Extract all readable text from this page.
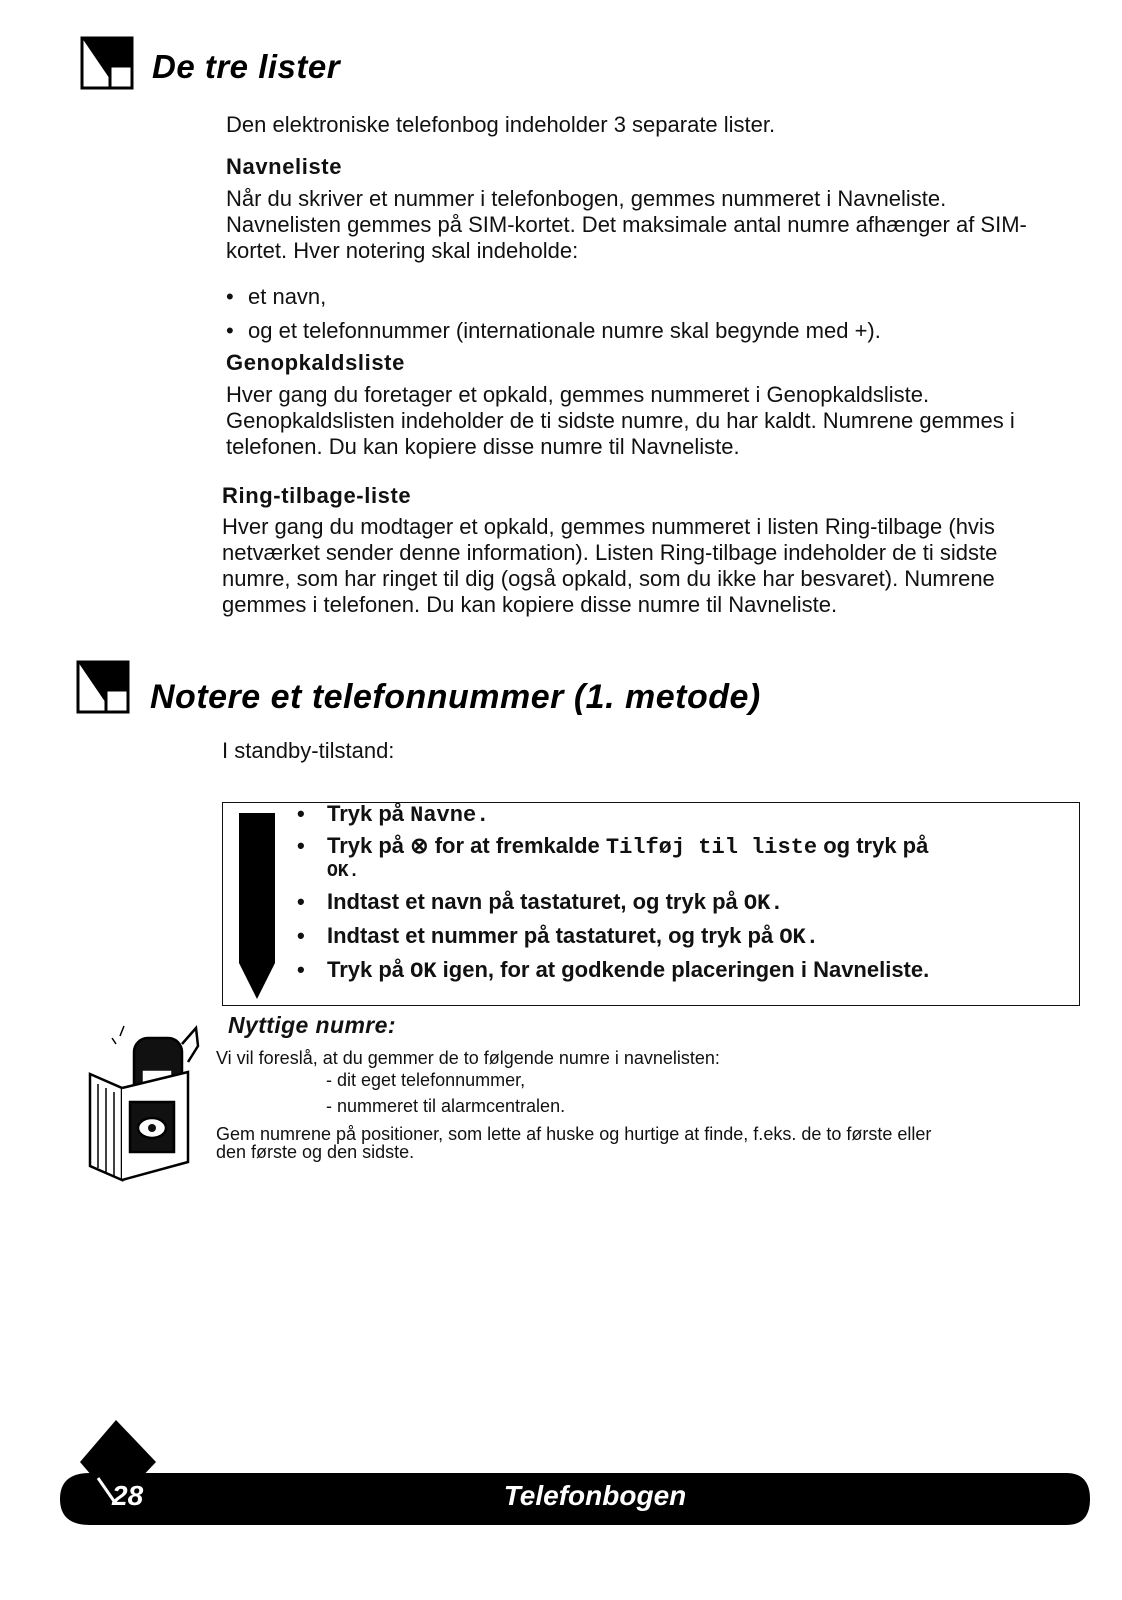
De tre lister
Den elektroniske telefonbog indeholder 3 separate lister.
Navneliste
Når du skriver et nummer i telefonbogen, gemmes nummeret i Navneliste. Navnelisten gemmes på SIM-kortet. Det maksimale antal numre afhænger af SIM-kortet. Hver notering skal indeholde:
• et navn,
• og et telefonnummer (internationale numre skal begynde med +).
Genopkaldsliste
Hver gang du foretager et opkald, gemmes nummeret i Genopkaldsliste. Genopkaldslisten indeholder de ti sidste numre, du har kaldt. Numrene gemmes i telefonen. Du kan kopiere disse numre til Navneliste.
Ring-tilbage-liste
Hver gang du modtager et opkald, gemmes nummeret i listen Ring-tilbage (hvis netværket sender denne information). Listen Ring-tilbage indeholder de ti sidste numre, som har ringet til dig (også opkald, som du ikke har besvaret). Numrene gemmes i telefonen. Du kan kopiere disse numre til Navneliste.
Notere et telefonnummer (1. metode)
I standby-tilstand:
• Tryk på Navne.
• Tryk på ⊗ for at fremkalde Tilføj til liste og tryk på
OK.
• Indtast et navn på tastaturet, og tryk på OK.
• Indtast et nummer på tastaturet, og tryk på OK.
• Tryk på OK igen, for at godkende placeringen i Navneliste.
Nyttige numre:
Vi vil foreslå, at du gemmer de to følgende numre i navnelisten:
- dit eget telefonnummer,
- nummeret til alarmcentralen.
Gem numrene på positioner, som lette af huske og hurtige at finde, f.eks. de to første eller
den første og den sidste.
28	Telefonbogen
